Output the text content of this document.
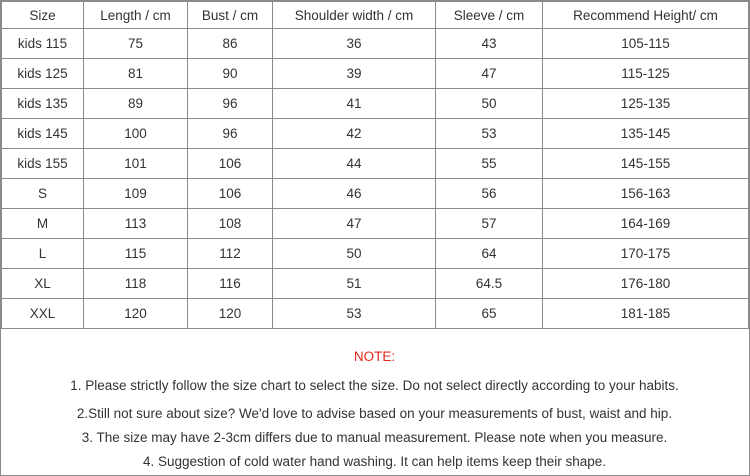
Size	Length / cm	Bust / cm	Shoulder width / cm	Sleeve / cm	Recommend Height/ cm
kids 115	75	86	36	43	105-115
kids 125	81	90	39	47	115-125
kids 135	89	96	41	50	125-135
kids 145	100	96	42	53	135-145
kids 155	101	106	44	55	145-155
S	109	106	46	56	156-163
M	113	108	47	57	164-169
L	115	112	50	64	170-175
XL	118	116	51	64.5	176-180
XXL	120	120	53	65	181-185
NOTE:
1. Please strictly follow the size chart to select the size. Do not select directly according to your habits.
2.Still not sure about size? We'd love to advise based on your measurements of bust, waist and hip.
3. The size may have 2-3cm differs due to manual measurement. Please note when you measure.
4. Suggestion of cold water hand washing. It can help items keep their shape.
